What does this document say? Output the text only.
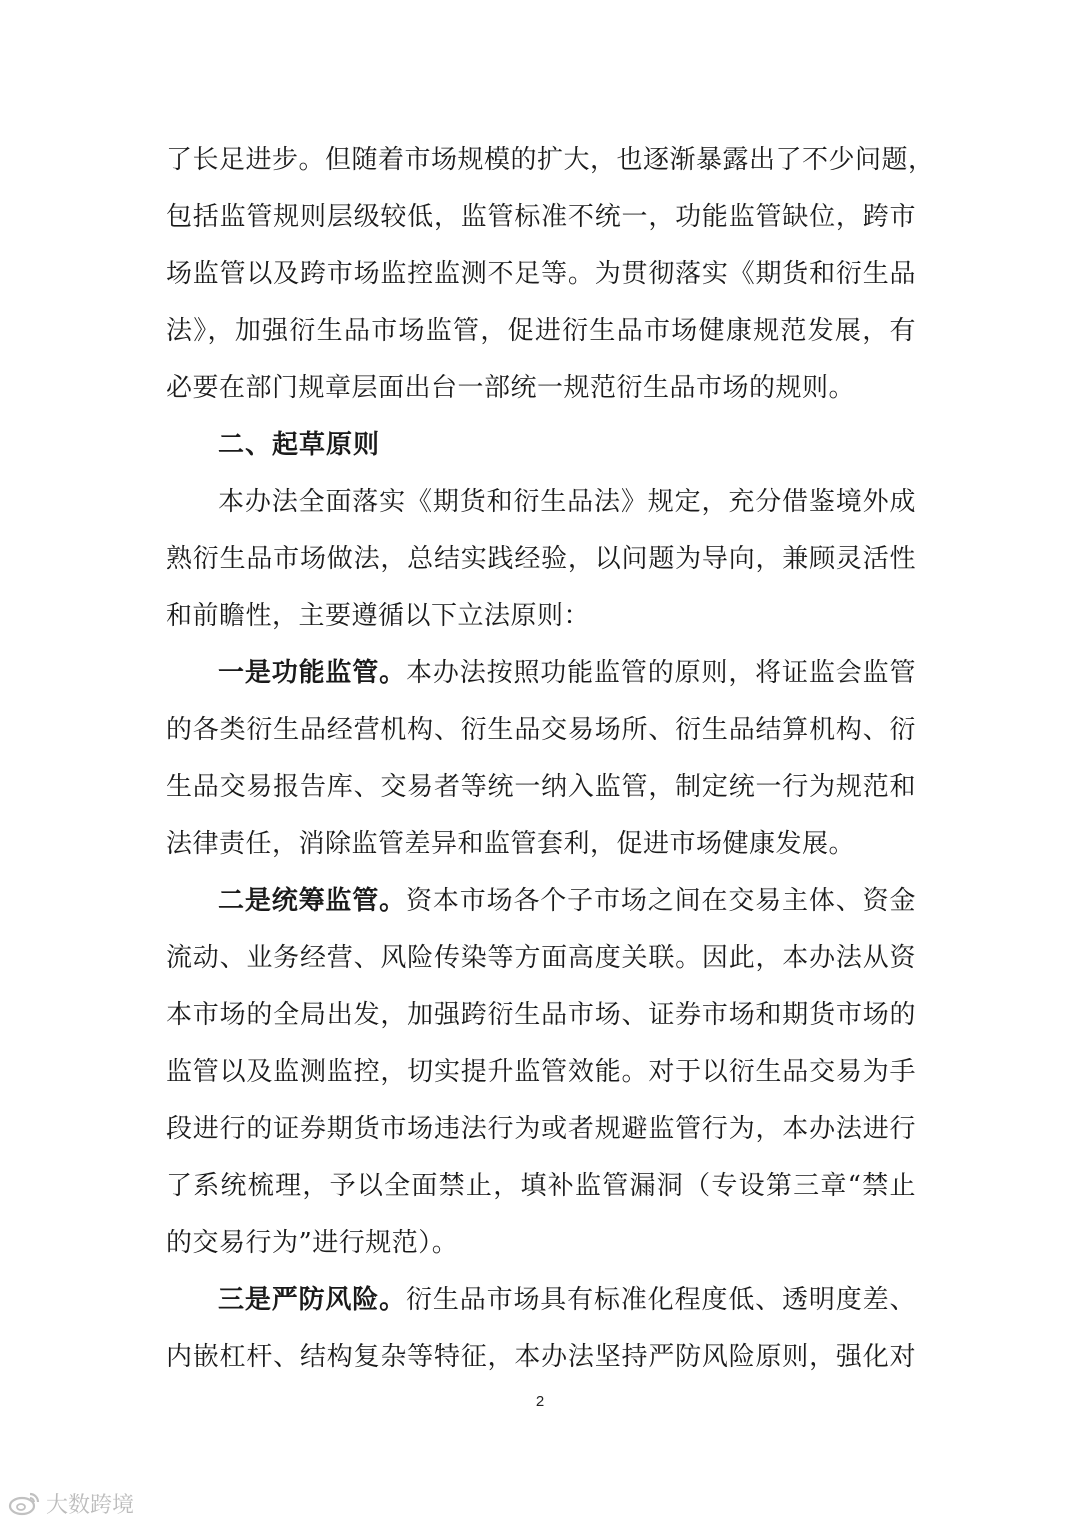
了长足进步。但随着市场规模的扩大，也逐渐暴露出了不少问题，
包括监管规则层级较低，监管标准不统一，功能监管缺位，跨市
场监管以及跨市场监控监测不足等。为贯彻落实《期货和衍生品
法》，加强衍生品市场监管，促进衍生品市场健康规范发展，有
必要在部门规章层面出台一部统一规范衍生品市场的规则。
二、起草原则
本办法全面落实《期货和衍生品法》规定，充分借鉴境外成
熟衍生品市场做法，总结实践经验，以问题为导向，兼顾灵活性
和前瞻性，主要遵循以下立法原则：
一是功能监管。本办法按照功能监管的原则，将证监会监管
的各类衍生品经营机构、衍生品交易场所、衍生品结算机构、衍
生品交易报告库、交易者等统一纳入监管，制定统一行为规范和
法律责任，消除监管差异和监管套利，促进市场健康发展。
二是统筹监管。资本市场各个子市场之间在交易主体、资金
流动、业务经营、风险传染等方面高度关联。因此，本办法从资
本市场的全局出发，加强跨衍生品市场、证券市场和期货市场的
监管以及监测监控，切实提升监管效能。对于以衍生品交易为手
段进行的证券期货市场违法行为或者规避监管行为，本办法进行
了系统梳理，予以全面禁止，填补监管漏洞（专设第三章“禁止
的交易行为”进行规范）。
三是严防风险。衍生品市场具有标准化程度低、透明度差、
内嵌杠杆、结构复杂等特征，本办法坚持严防风险原则，强化对
2
大数跨境
